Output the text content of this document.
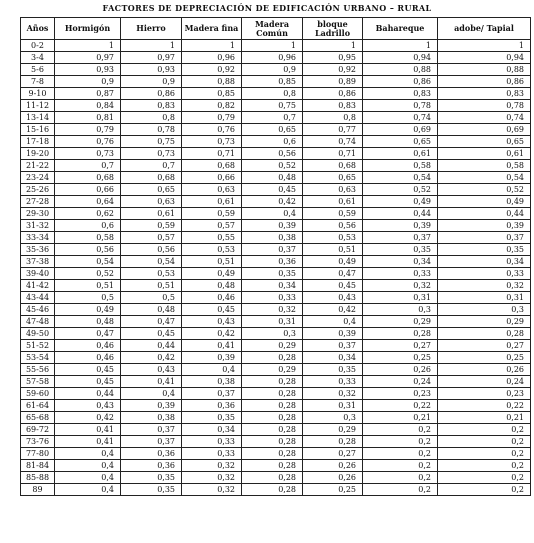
FACTORES DE DEPRECIACIÓN DE EDIFICACIÓN URBANO – RURAL
Años	Hormigón	Hierro	Madera fina	Madera Común	bloque Ladrillo	Bahareque	adobe/ Tapial
0-2	1	1	1	1	1	1	1
3-4	0,97	0,97	0,96	0,96	0,95	0,94	0,94
5-6	0,93	0,93	0,92	0,9	0,92	0,88	0,88
7-8	0,9	0,9	0,88	0,85	0,89	0,86	0,86
9-10	0,87	0,86	0,85	0,8	0,86	0,83	0,83
11-12	0,84	0,83	0,82	0,75	0,83	0,78	0,78
13-14	0,81	0,8	0,79	0,7	0,8	0,74	0,74
15-16	0,79	0,78	0,76	0,65	0,77	0,69	0,69
17-18	0,76	0,75	0,73	0,6	0,74	0,65	0,65
19-20	0,73	0,73	0,71	0,56	0,71	0,61	0,61
21-22	0,7	0,7	0,68	0,52	0,68	0,58	0,58
23-24	0,68	0,68	0,66	0,48	0,65	0,54	0,54
25-26	0,66	0,65	0,63	0,45	0,63	0,52	0,52
27-28	0,64	0,63	0,61	0,42	0,61	0,49	0,49
29-30	0,62	0,61	0,59	0,4	0,59	0,44	0,44
31-32	0,6	0,59	0,57	0,39	0,56	0,39	0,39
33-34	0,58	0,57	0,55	0,38	0,53	0,37	0,37
35-36	0,56	0,56	0,53	0,37	0,51	0,35	0,35
37-38	0,54	0,54	0,51	0,36	0,49	0,34	0,34
39-40	0,52	0,53	0,49	0,35	0,47	0,33	0,33
41-42	0,51	0,51	0,48	0,34	0,45	0,32	0,32
43-44	0,5	0,5	0,46	0,33	0,43	0,31	0,31
45-46	0,49	0,48	0,45	0,32	0,42	0,3	0,3
47-48	0,48	0,47	0,43	0,31	0,4	0,29	0,29
49-50	0,47	0,45	0,42	0,3	0,39	0,28	0,28
51-52	0,46	0,44	0,41	0,29	0,37	0,27	0,27
53-54	0,46	0,42	0,39	0,28	0,34	0,25	0,25
55-56	0,45	0,43	0,4	0,29	0,35	0,26	0,26
57-58	0,45	0,41	0,38	0,28	0,33	0,24	0,24
59-60	0,44	0,4	0,37	0,28	0,32	0,23	0,23
61-64	0,43	0,39	0,36	0,28	0,31	0,22	0,22
65-68	0,42	0,38	0,35	0,28	0,3	0,21	0,21
69-72	0,41	0,37	0,34	0,28	0,29	0,2	0,2
73-76	0,41	0,37	0,33	0,28	0,28	0,2	0,2
77-80	0,4	0,36	0,33	0,28	0,27	0,2	0,2
81-84	0,4	0,36	0,32	0,28	0,26	0,2	0,2
85-88	0,4	0,35	0,32	0,28	0,26	0,2	0,2
89	0,4	0,35	0,32	0,28	0,25	0,2	0,2
